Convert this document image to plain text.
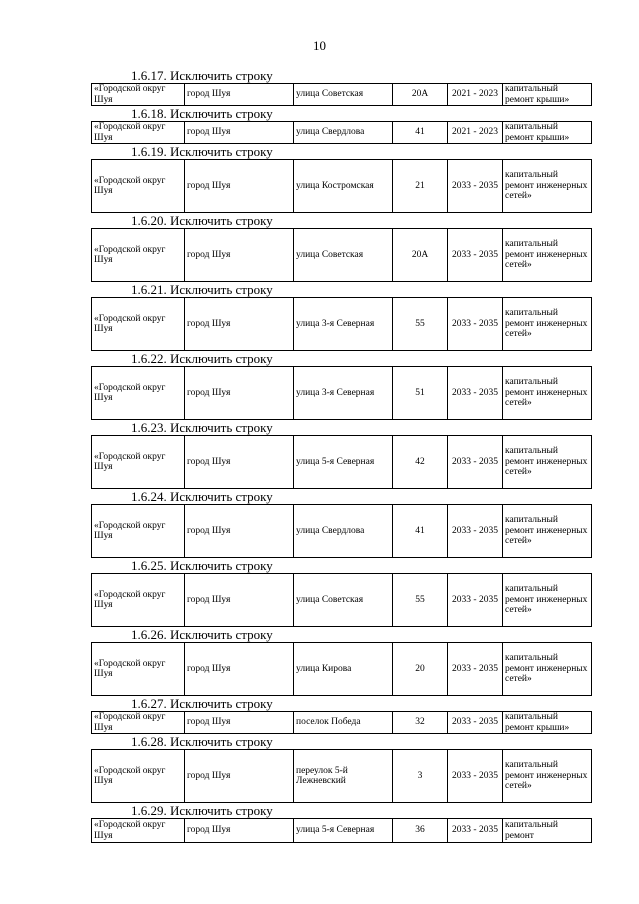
10
1.6.17. Исключить строку
«Городской округ Шуя	город Шуя	улица Советская	20А	2021 - 2023	капитальный ремонт крыши»
1.6.18. Исключить строку
«Городской округ Шуя	город Шуя	улица Свердлова	41	2021 - 2023	капитальный ремонт крыши»
1.6.19. Исключить строку
«Городской округ Шуя	город Шуя	улица Костромская	21	2033 - 2035	капитальный ремонт инженерных сетей»
1.6.20. Исключить строку
«Городской округ Шуя	город Шуя	улица Советская	20А	2033 - 2035	капитальный ремонт инженерных сетей»
1.6.21. Исключить строку
«Городской округ Шуя	город Шуя	улица 3-я Северная	55	2033 - 2035	капитальный ремонт инженерных сетей»
1.6.22. Исключить строку
«Городской округ Шуя	город Шуя	улица 3-я Северная	51	2033 - 2035	капитальный ремонт инженерных сетей»
1.6.23. Исключить строку
«Городской округ Шуя	город Шуя	улица 5-я Северная	42	2033 - 2035	капитальный ремонт инженерных сетей»
1.6.24. Исключить строку
«Городской округ Шуя	город Шуя	улица Свердлова	41	2033 - 2035	капитальный ремонт инженерных сетей»
1.6.25. Исключить строку
«Городской округ Шуя	город Шуя	улица Советская	55	2033 - 2035	капитальный ремонт инженерных сетей»
1.6.26. Исключить строку
«Городской округ Шуя	город Шуя	улица Кирова	20	2033 - 2035	капитальный ремонт инженерных сетей»
1.6.27. Исключить строку
«Городской округ Шуя	город Шуя	поселок Победа	32	2033 - 2035	капитальный ремонт крыши»
1.6.28. Исключить строку
«Городской округ Шуя	город Шуя	переулок 5-й Лежневский	3	2033 - 2035	капитальный ремонт инженерных сетей»
1.6.29. Исключить строку
«Городской округ Шуя	город Шуя	улица 5-я Северная	36	2033 - 2035	капитальный ремонт
